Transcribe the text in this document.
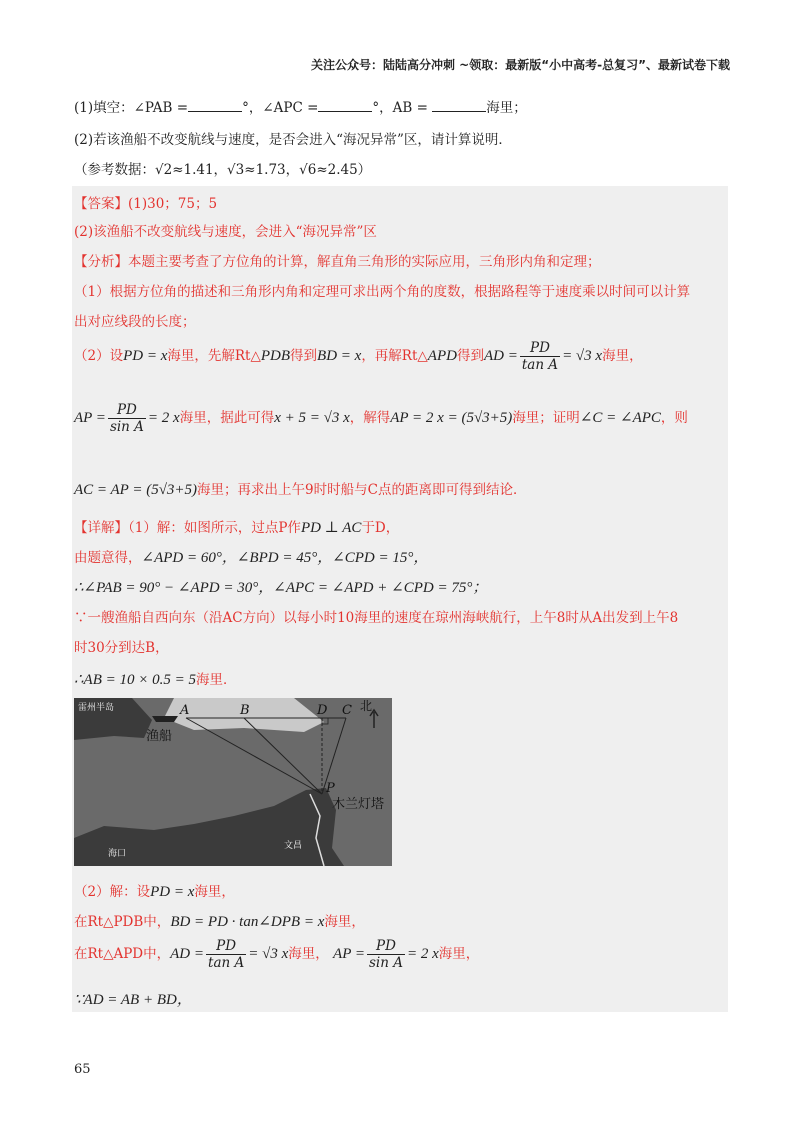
关注公众号：陆陆高分冲刺 ~领取：最新版“小中高考-总复习”、最新试卷下载
(1)填空：∠PAB =	°，∠APC =	°，AB =	海里；
(2)若该渔船不改变航线与速度，是否会进入“海况异常”区，请计算说明．
（参考数据：√2≈1.41，√3≈1.73，√6≈2.45）
【答案】(1)30；75；5
(2)该渔船不改变航线与速度，会进入“海况异常”区
【分析】本题主要考查了方位角的计算，解直角三角形的实际应用，三角形内角和定理；
（1）根据方位角的描述和三角形内角和定理可求出两个角的度数，根据路程等于速度乘以时间可以计算
出对应线段的长度；
（2）设PD = x海里，先解Rt△PDB得到BD = x，再解Rt△APD得到AD = $\frac{PD}{\text{tan A}} = √3$ x海里，
AP = $\frac{PD}{\text{sin A}} = 2$ x海里，据此可得x + 5 = √3 x，解得AP = 2 x = (5√3+5)海里；证明∠C = ∠APC，则
AC = AP = (5√3+5)海里；再求出上午9时时船与C点的距离即可得到结论．
【详解】（1）解：如图所示，过点P作PD ⊥ AC于D，
由题意得，∠APD = 60°，∠BPD = 45°，∠CPD = 15°，
∴∠PAB = 90° − ∠APD = 30°，∠APC = ∠APD + ∠CPD = 75°；
∵一艘渔船自西向东（沿AC方向）以每小时10海里的速度在琼州海峡航行，上午8时从A出发到上午8
时30分到达B，
∴AB = 10 × 0.5 = 5海里．
A	B	D C
P
北
渔船
木兰灯塔
雷州半岛
文昌
海口
（2）解：设PD = x海里，
在Rt△PDB中，BD = PD · tan∠DPB = x海里，
在Rt△APD中，AD = $\frac{PD}{\text{tan A}} = √3$ x海里， AP = $\frac{PD}{\text{sin A}} = 2$ x海里，
∵AD = AB + BD，
65
